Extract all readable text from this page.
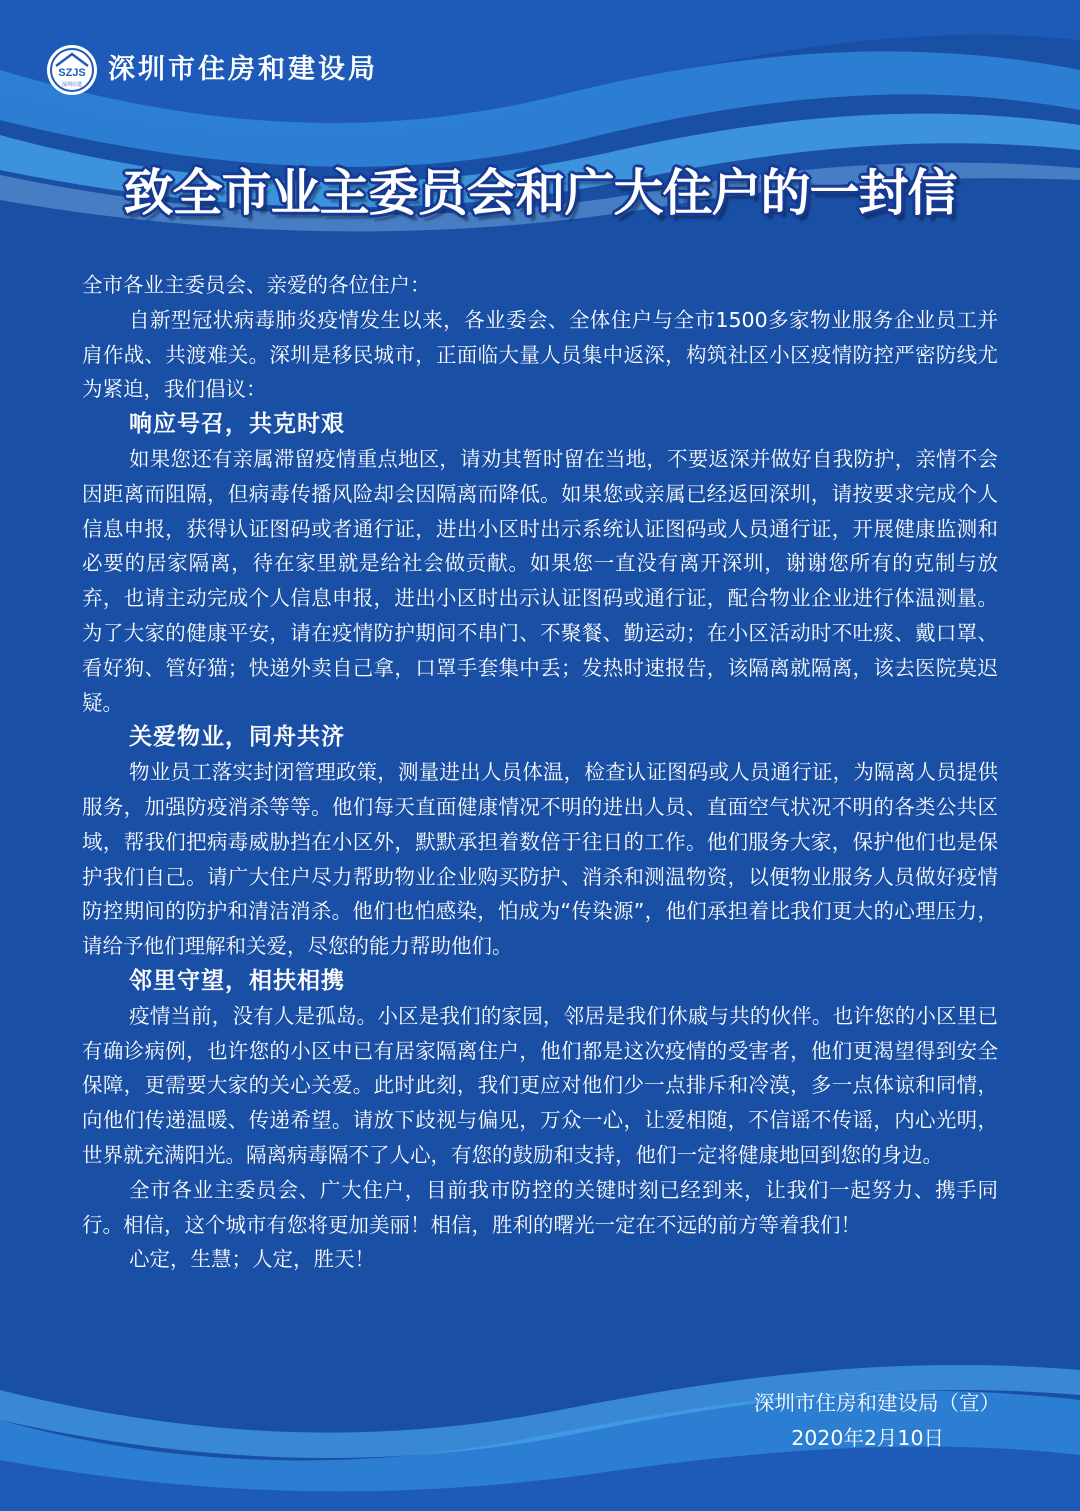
SZJS
深圳住建 深圳市住房和建设局
致全市业主委员会和广大住户的一封信

全市各业主委员会、亲爱的各位住户：

自新型冠状病毒肺炎疫情发生以来，各业委会、全体住户与全市1500多家物业服务企业员工并肩作战、共渡难关。深圳是移民城市，正面临大量人员集中返深，构筑社区小区疫情防控严密防线尤为紧迫，我们倡议：

响应号召，共克时艰

如果您还有亲属滞留疫情重点地区，请劝其暂时留在当地，不要返深并做好自我防护，亲情不会因距离而阻隔，但病毒传播风险却会因隔离而降低。如果您或亲属已经返回深圳，请按要求完成个人信息申报，获得认证图码或者通行证，进出小区时出示系统认证图码或人员通行证，开展健康监测和必要的居家隔离，待在家里就是给社会做贡献。如果您一直没有离开深圳，谢谢您所有的克制与放弃，也请主动完成个人信息申报，进出小区时出示认证图码或通行证，配合物业企业进行体温测量。为了大家的健康平安，请在疫情防护期间不串门、不聚餐、勤运动；在小区活动时不吐痰、戴口罩、看好狗、管好猫；快递外卖自己拿，口罩手套集中丢；发热时速报告，该隔离就隔离，该去医院莫迟疑。

关爱物业，同舟共济

物业员工落实封闭管理政策，测量进出人员体温，检查认证图码或人员通行证，为隔离人员提供服务，加强防疫消杀等等。他们每天直面健康情况不明的进出人员、直面空气状况不明的各类公共区域，帮我们把病毒威胁挡在小区外，默默承担着数倍于往日的工作。他们服务大家，保护他们也是保护我们自己。请广大住户尽力帮助物业企业购买防护、消杀和测温物资，以便物业服务人员做好疫情防控期间的防护和清洁消杀。他们也怕感染，怕成为“传染源”，他们承担着比我们更大的心理压力，请给予他们理解和关爱，尽您的能力帮助他们。

邻里守望，相扶相携

疫情当前，没有人是孤岛。小区是我们的家园，邻居是我们休戚与共的伙伴。也许您的小区里已有确诊病例，也许您的小区中已有居家隔离住户，他们都是这次疫情的受害者，他们更渴望得到安全保障，更需要大家的关心关爱。此时此刻，我们更应对他们少一点排斥和冷漠，多一点体谅和同情，向他们传递温暖、传递希望。请放下歧视与偏见，万众一心，让爱相随，不信谣不传谣，内心光明，世界就充满阳光。隔离病毒隔不了人心，有您的鼓励和支持，他们一定将健康地回到您的身边。

全市各业主委员会、广大住户，目前我市防控的关键时刻已经到来，让我们一起努力、携手同行。相信，这个城市有您将更加美丽！相信，胜利的曙光一定在不远的前方等着我们！

心定，生慧；人定，胜天！

深圳市住房和建设局（宣）
2020年2月10日
